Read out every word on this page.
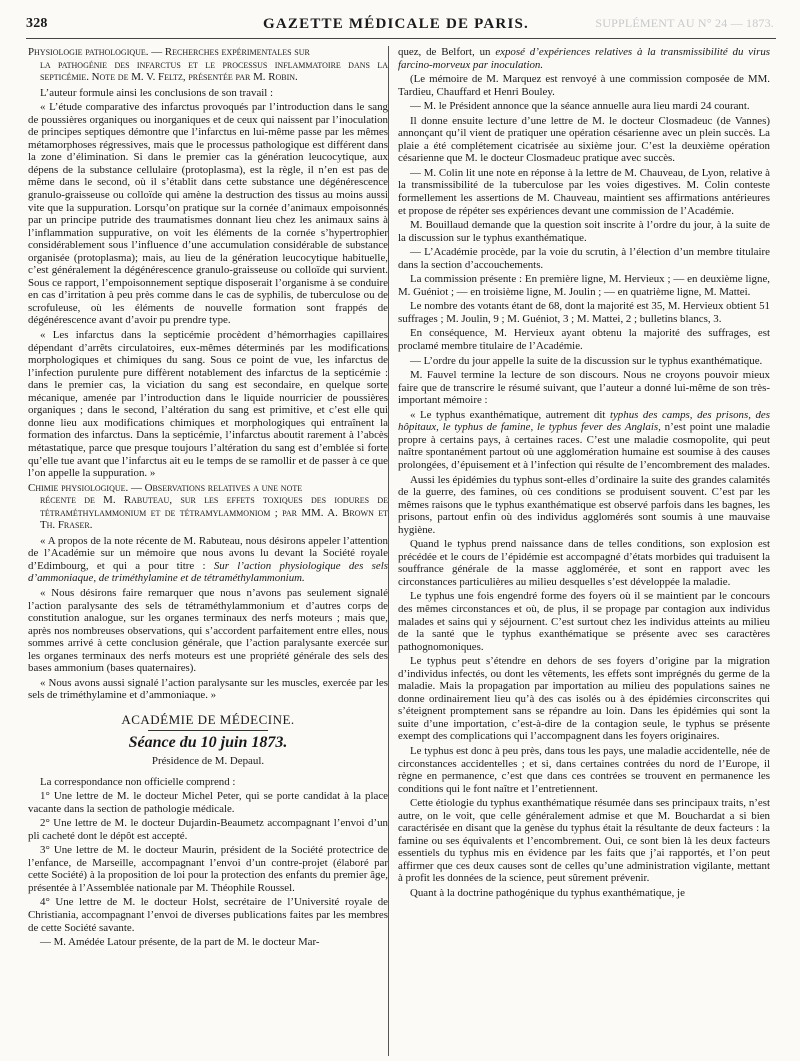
328	GAZETTE MÉDICALE DE PARIS.	SUPPLÉMENT AU N° 24 — 1873.

Physiologie pathologique. — Recherches expérimentales sur
la pathogénie des infarctus et le processus inflammatoire dans la septicémie. Note de M. V. Feltz, présentée par M. Robin.

L’auteur formule ainsi les conclusions de son travail :

« L’étude comparative des infarctus provoqués par l’introduction dans le sang de poussières organiques ou inorganiques et de ceux qui naissent par l’inoculation de principes septiques démontre que l’infarctus en lui-même passe par les mêmes métamorphoses régressives, mais que le processus pathologique est différent dans la zone d’élimination. Si dans le premier cas la génération leucocytique, aux dépens de la substance cellulaire (protoplasma), est la règle, il n’en est pas de même dans le second, où il s’établit dans cette substance une dégénérescence granulo-graisseuse ou colloïde qui amène la destruction des tissus au moins aussi vite que la suppuration. Lorsqu’on pratique sur la cornée d’animaux empoisonnés par un principe putride des traumatismes donnant lieu chez les animaux sains à l’inflammation suppurative, on voit les éléments de la cornée s’hypertrophier considérablement sous l’influence d’une accumulation considérable de substance organisée (protoplasma); mais, au lieu de la génération leucocytique habituelle, c’est généralement la dégénérescence granulo-graisseuse ou colloïde qui survient. Sous ce rapport, l’empoisonnement septique disposerait l’organisme à se conduire en cas d’irritation à peu près comme dans le cas de syphilis, de tuberculose ou de scrofuleuse, où les éléments de nouvelle formation sont frappés de dégénérescence avant d’avoir pu prendre type.

« Les infarctus dans la septicémie procèdent d’hémorrhagies capillaires dépendant d’arrêts circulatoires, eux-mêmes déterminés par les modifications morphologiques et chimiques du sang. Sous ce point de vue, les infarctus de l’infection purulente pure diffèrent notablement des infarctus de la septicémie : dans le premier cas, la viciation du sang est secondaire, en quelque sorte mécanique, amenée par l’introduction dans le liquide nourricier de poussières organiques ; dans le second, l’altération du sang est primitive, et c’est elle qui donne lieu aux modifications chimiques et morphologiques qui entraînent la formation des infarctus. Dans la septicémie, l’infarctus aboutit rarement à l’abcès métastatique, parce que presque toujours l’altération du sang est d’emblée si forte qu’elle tue avant que l’infarctus ait eu le temps de se ramollir et de passer à ce que l’on appelle la suppuration. »

Chimie physiologique. — Observations relatives a une note
récente de M. Rabuteau, sur les effets toxiques des iodures de tétraméthylammonium et de tétramylammoniom ; par MM. A. Brown et Th. Fraser.

« A propos de la note récente de M. Rabuteau, nous désirons appeler l’attention de l’Académie sur un mémoire que nous avons lu devant la Société royale d’Edimbourg, et qui a pour titre : Sur l’action physiologique des sels d’ammoniaque, de triméthylamine et de tétraméthylammonium.

« Nous désirons faire remarquer que nous n’avons pas seulement signalé l’action paralysante des sels de tétraméthylammonium et d’autres corps de constitution analogue, sur les organes terminaux des nerfs moteurs ; mais que, après nos nombreuses observations, qui s’accordent parfaitement entre elles, nous sommes arrivé à cette conclusion générale, que l’action paralysante exercée sur les organes terminaux des nerfs moteurs est une propriété générale des sels des bases ammonium (bases quaternaires).

« Nous avons aussi signalé l’action paralysante sur les muscles, exercée par les sels de triméthylamine et d’ammoniaque. »

ACADÉMIE DE MÉDECINE.
Séance du 10 juin 1873.
Présidence de M. Depaul.

La correspondance non officielle comprend :

1° Une lettre de M. le docteur Michel Peter, qui se porte candidat à la place vacante dans la section de pathologie médicale.

2° Une lettre de M. le docteur Dujardin-Beaumetz accompagnant l’envoi d’un pli cacheté dont le dépôt est accepté.

3° Une lettre de M. le docteur Maurin, président de la Société protectrice de l’enfance, de Marseille, accompagnant l’envoi d’un contre-projet (élaboré par cette Société) à la proposition de loi pour la protection des enfants du premier âge, présentée à l’Assemblée nationale par M. Théophile Roussel.

4° Une lettre de M. le docteur Holst, secrétaire de l’Université royale de Christiania, accompagnant l’envoi de diverses publications faites par les membres de cette Société savante.

— M. Amédée Latour présente, de la part de M. le docteur Mar-

quez, de Belfort, un exposé d’expériences relatives à la transmissibilité du virus farcino-morveux par inoculation.

(Le mémoire de M. Marquez est renvoyé à une commission composée de MM. Tardieu, Chauffard et Henri Bouley.

— M. le Président annonce que la séance annuelle aura lieu mardi 24 courant.

Il donne ensuite lecture d’une lettre de M. le docteur Closmadeuc (de Vannes) annonçant qu’il vient de pratiquer une opération césarienne avec un plein succès. La plaie a été complétement cicatrisée au sixième jour. C’est la deuxième opération césarienne que M. le docteur Closmadeuc pratique avec succès.

— M. Colin lit une note en réponse à la lettre de M. Chauveau, de Lyon, relative à la transmissibilité de la tuberculose par les voies digestives. M. Colin conteste formellement les assertions de M. Chauveau, maintient ses affirmations antérieures et propose de répéter ses expériences devant une commission de l’Académie.

M. Bouillaud demande que la question soit inscrite à l’ordre du jour, à la suite de la discussion sur le typhus exanthématique.

— L’Académie procède, par la voie du scrutin, à l’élection d’un membre titulaire dans la section d’accouchements.

La commission présente : En première ligne, M. Hervieux ; — en deuxième ligne, M. Guéniot ; — en troisième ligne, M. Joulin ; — en quatrième ligne, M. Mattei.

Le nombre des votants étant de 68, dont la majorité est 35, M. Hervieux obtient 51 suffrages ; M. Joulin, 9 ; M. Guéniot, 3 ; M. Mattei, 2 ; bulletins blancs, 3.

En conséquence, M. Hervieux ayant obtenu la majorité des suffrages, est proclamé membre titulaire de l’Académie.

— L’ordre du jour appelle la suite de la discussion sur le typhus exanthématique.

M. Fauvel termine la lecture de son discours. Nous ne croyons pouvoir mieux faire que de transcrire le résumé suivant, que l’auteur a donné lui-même de son très-important mémoire :

« Le typhus exanthématique, autrement dit typhus des camps, des prisons, des hôpitaux, le typhus de famine, le typhus fever des Anglais, n’est point une maladie propre à certains pays, à certaines races. C’est une maladie cosmopolite, qui peut naître spontanément partout où une agglomération humaine est soumise à des causes prolongées, d’épuisement et à l’infection qui résulte de l’encombrement des malades.

Aussi les épidémies du typhus sont-elles d’ordinaire la suite des grandes calamités de la guerre, des famines, où ces conditions se produisent souvent. C’est par les mêmes raisons que le typhus exanthématique est observé parfois dans les bagnes, les prisons, partout enfin où des individus agglomérés sont soumis à une mauvaise hygiène.

Quand le typhus prend naissance dans de telles conditions, son explosion est précédée et le cours de l’épidémie est accompagné d’états morbides qui traduisent la souffrance générale de la masse agglomérée, et sont en rapport avec les circonstances particulières au milieu desquelles s’est développée la maladie.

Le typhus une fois engendré forme des foyers où il se maintient par le concours des mêmes circonstances et où, de plus, il se propage par contagion aux individus malades et sains qui y séjournent. C’est surtout chez les individus atteints au milieu de la santé que le typhus exanthématique se présente avec ses caractères pathognomoniques.

Le typhus peut s’étendre en dehors de ses foyers d’origine par la migration d’individus infectés, ou dont les vêtements, les effets sont imprégnés du germe de la maladie. Mais la propagation par importation au milieu des populations saines ne donne ordinairement lieu qu’à des cas isolés ou à des épidémies circonscrites qui s’éteignent promptement sans se répandre au loin. Dans les épidémies qui sont la suite d’une importation, c’est-à-dire de la contagion seule, le typhus se présente exempt des complications qui l’accompagnent dans les foyers originaires.

Le typhus est donc à peu près, dans tous les pays, une maladie accidentelle, née de circonstances accidentelles ; et si, dans certaines contrées du nord de l’Europe, il règne en permanence, c’est que dans ces contrées se trouvent en permanence les conditions qui le font naître et l’entretiennent.

Cette étiologie du typhus exanthématique résumée dans ses principaux traits, n’est autre, on le voit, que celle généralement admise et que M. Bouchardat a si bien caractérisée en disant que la genèse du typhus était la résultante de deux facteurs : la famine ou ses équivalents et l’encombrement. Oui, ce sont bien là les deux facteurs essentiels du typhus mis en évidence par les faits que j’ai rapportés, et l’on peut affirmer que ces deux causes sont de celles qu’une administration vigilante, mettant à profit les données de la science, peut sûrement prévenir.

Quant à la doctrine pathogénique du typhus exanthématique, je
